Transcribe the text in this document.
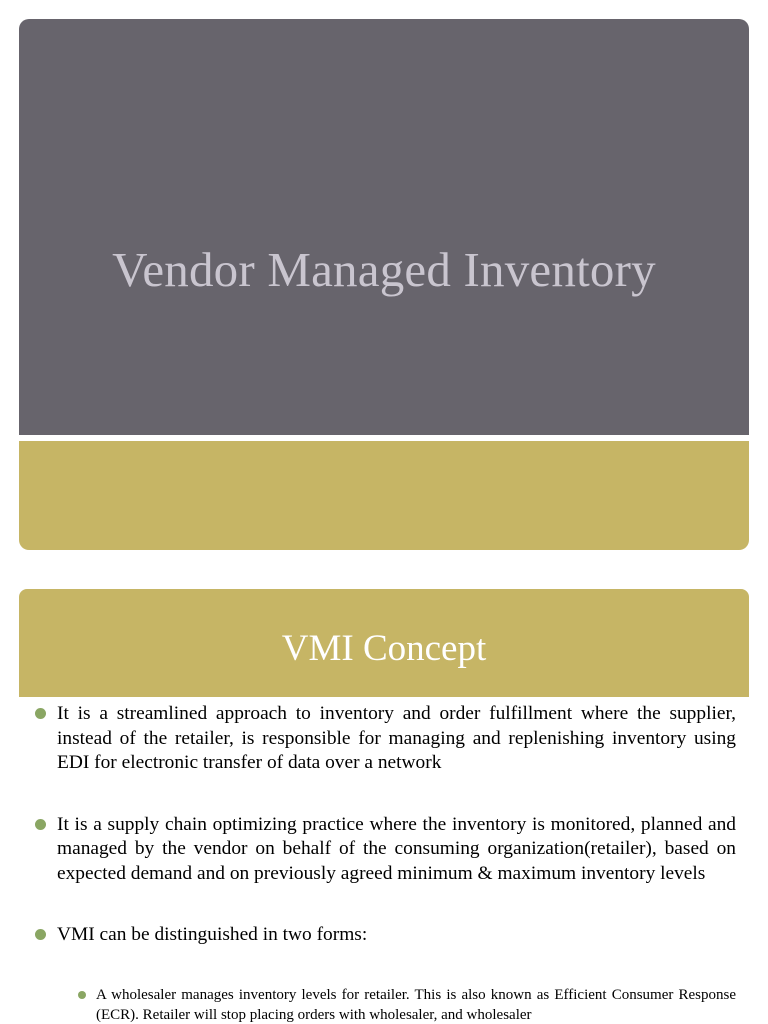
Vendor Managed Inventory
VMI Concept
It is a streamlined approach to inventory and order fulfillment where the supplier, instead of the retailer, is responsible for managing and replenishing inventory using EDI for electronic transfer of data over a network
It is a supply chain optimizing practice where the inventory is monitored, planned and managed by the vendor on behalf of the consuming organization(retailer), based on expected demand and on previously agreed minimum & maximum inventory levels
VMI can be distinguished in two forms:
A wholesaler manages inventory levels for retailer. This is also known as Efficient Consumer Response (ECR). Retailer will stop placing orders with wholesaler, and wholesaler
